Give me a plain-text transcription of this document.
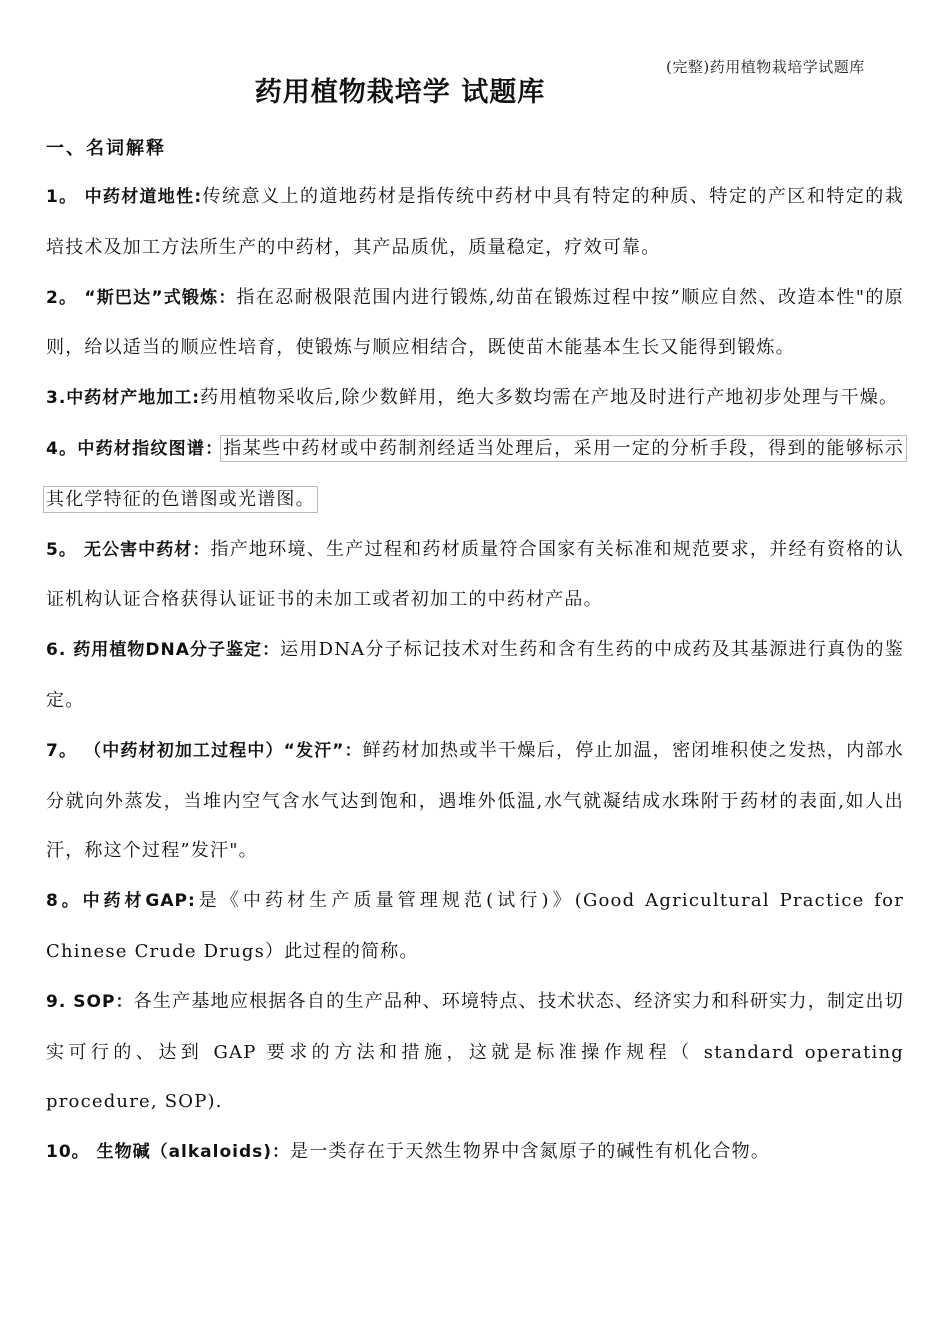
(完整)药用植物栽培学试题库
药用植物栽培学 试题库
一、名词解释

1。 中药材道地性:传统意义上的道地药材是指传统中药材中具有特定的种质、特定的产区和特定的栽培技术及加工方法所生产的中药材，其产品质优，质量稳定，疗效可靠。

2。 “斯巴达”式锻炼：指在忍耐极限范围内进行锻炼,幼苗在锻炼过程中按”顺应自然、改造本性"的原则，给以适当的顺应性培育，使锻炼与顺应相结合，既使苗木能基本生长又能得到锻炼。

3.中药材产地加工:药用植物采收后,除少数鲜用，绝大多数均需在产地及时进行产地初步处理与干燥。

4。中药材指纹图谱：指某些中药材或中药制剂经适当处理后，采用一定的分析手段，得到的能够标示其化学特征的色谱图或光谱图。

5。 无公害中药材：指产地环境、生产过程和药材质量符合国家有关标准和规范要求，并经有资格的认证机构认证合格获得认证证书的未加工或者初加工的中药材产品。

6. 药用植物DNA分子鉴定：运用DNA分子标记技术对生药和含有生药的中成药及其基源进行真伪的鉴定。

7。 （中药材初加工过程中）“发汗”：鲜药材加热或半干燥后，停止加温，密闭堆积使之发热，内部水分就向外蒸发，当堆内空气含水气达到饱和，遇堆外低温,水气就凝结成水珠附于药材的表面,如人出汗，称这个过程”发汗"。

8。中药材GAP:是《中药材生产质量管理规范(试行)》(Good Agricultural Practice for Chinese Crude Drugs）此过程的简称。

9. SOP：各生产基地应根据各自的生产品种、环境特点、技术状态、经济实力和科研实力，制定出切实可行的、达到 GAP 要求的方法和措施，这就是标准操作规程（ standard operating procedure, SOP).

10。 生物碱（alkaloids)：是一类存在于天然生物界中含氮原子的碱性有机化合物。
